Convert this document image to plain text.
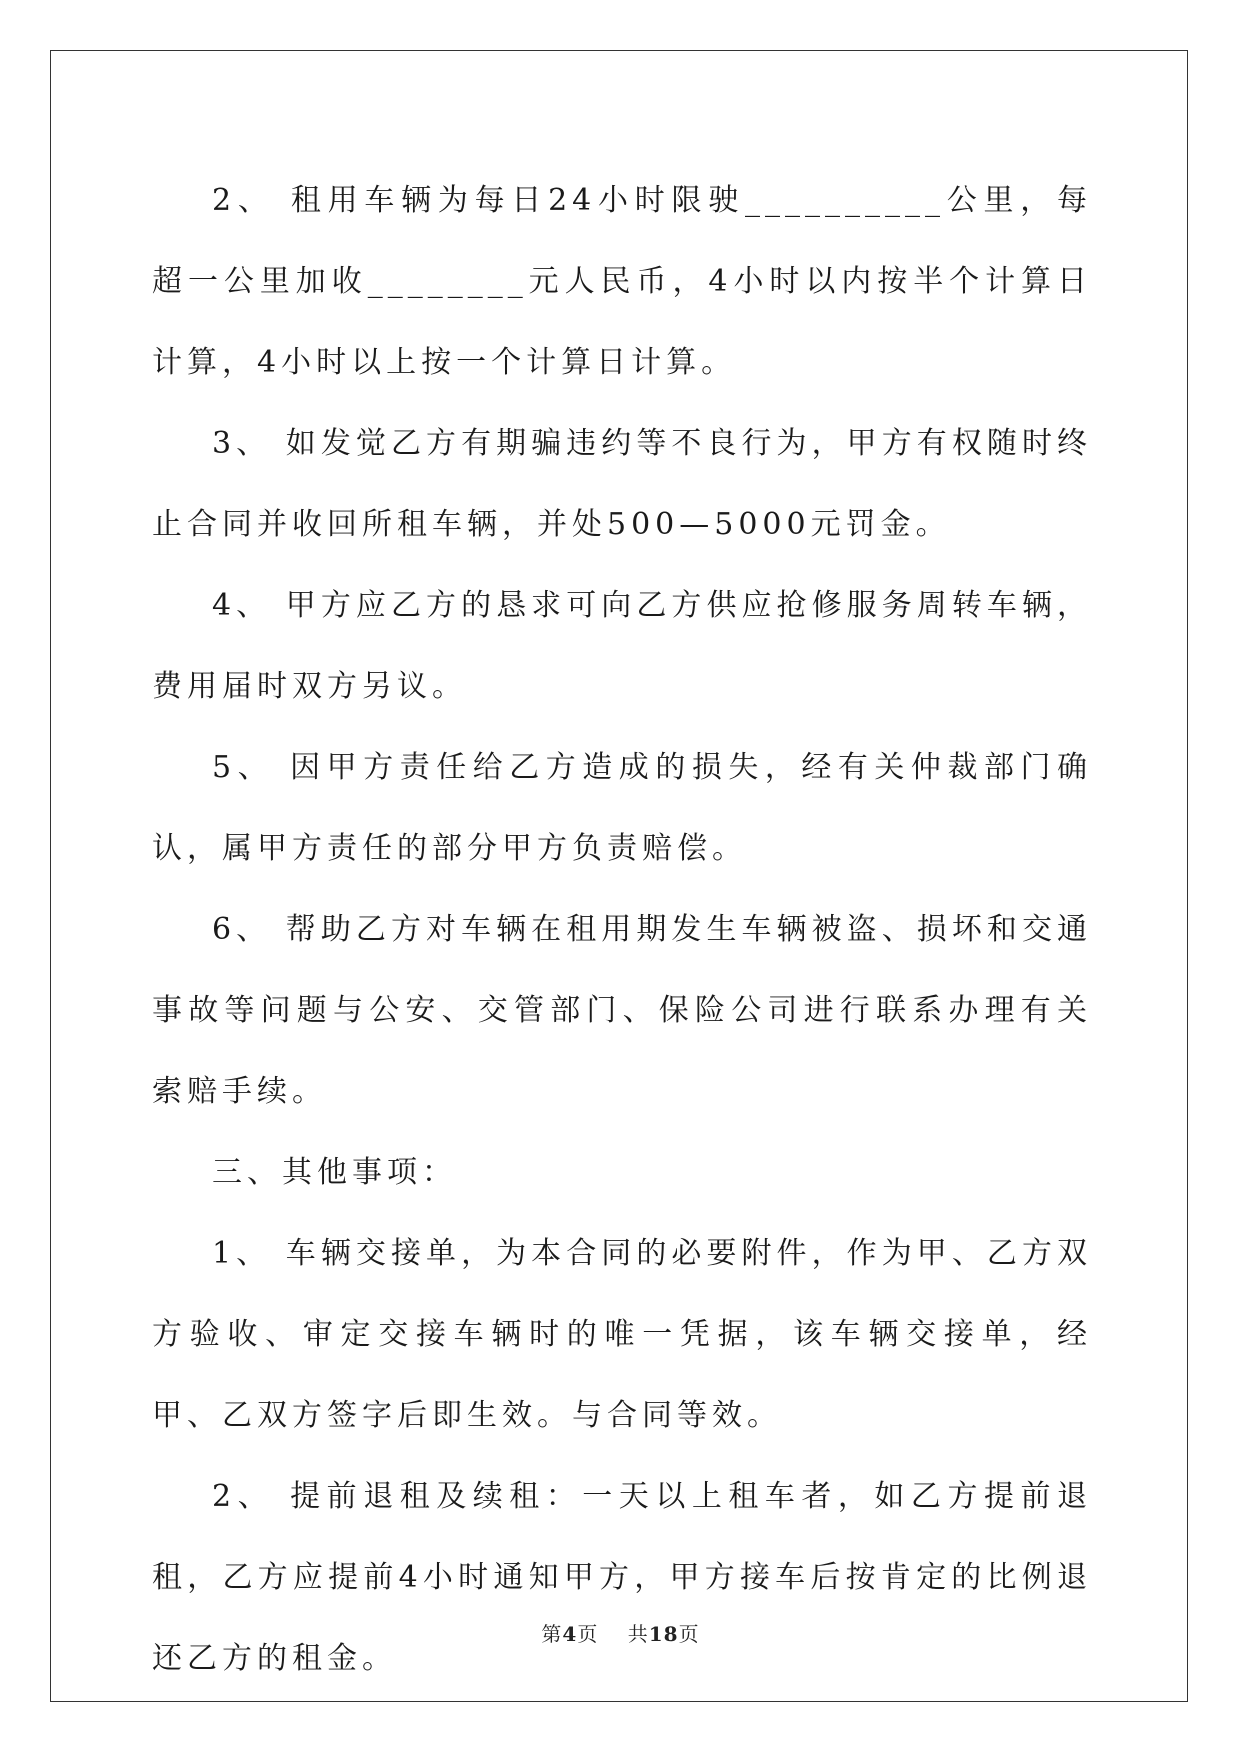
2、 租用车辆为每日24小时限驶__________公里，每超一公里加收________元人民币，4小时以内按半个计算日计算，4小时以上按一个计算日计算。

3、 如发觉乙方有期骗违约等不良行为，甲方有权随时终止合同并收回所租车辆，并处500—5000元罚金。

4、 甲方应乙方的恳求可向乙方供应抢修服务周转车辆，费用届时双方另议。

5、 因甲方责任给乙方造成的损失，经有关仲裁部门确认，属甲方责任的部分甲方负责赔偿。

6、 帮助乙方对车辆在租用期发生车辆被盗、损坏和交通事故等问题与公安、交管部门、保险公司进行联系办理有关索赔手续。

三、其他事项：

1、 车辆交接单，为本合同的必要附件，作为甲、乙方双方验收、审定交接车辆时的唯一凭据，该车辆交接单，经甲、乙双方签字后即生效。与合同等效。

2、 提前退租及续租：一天以上租车者，如乙方提前退租，乙方应提前4小时通知甲方，甲方接车后按肯定的比例退还乙方的租金。

第4页 共18页
